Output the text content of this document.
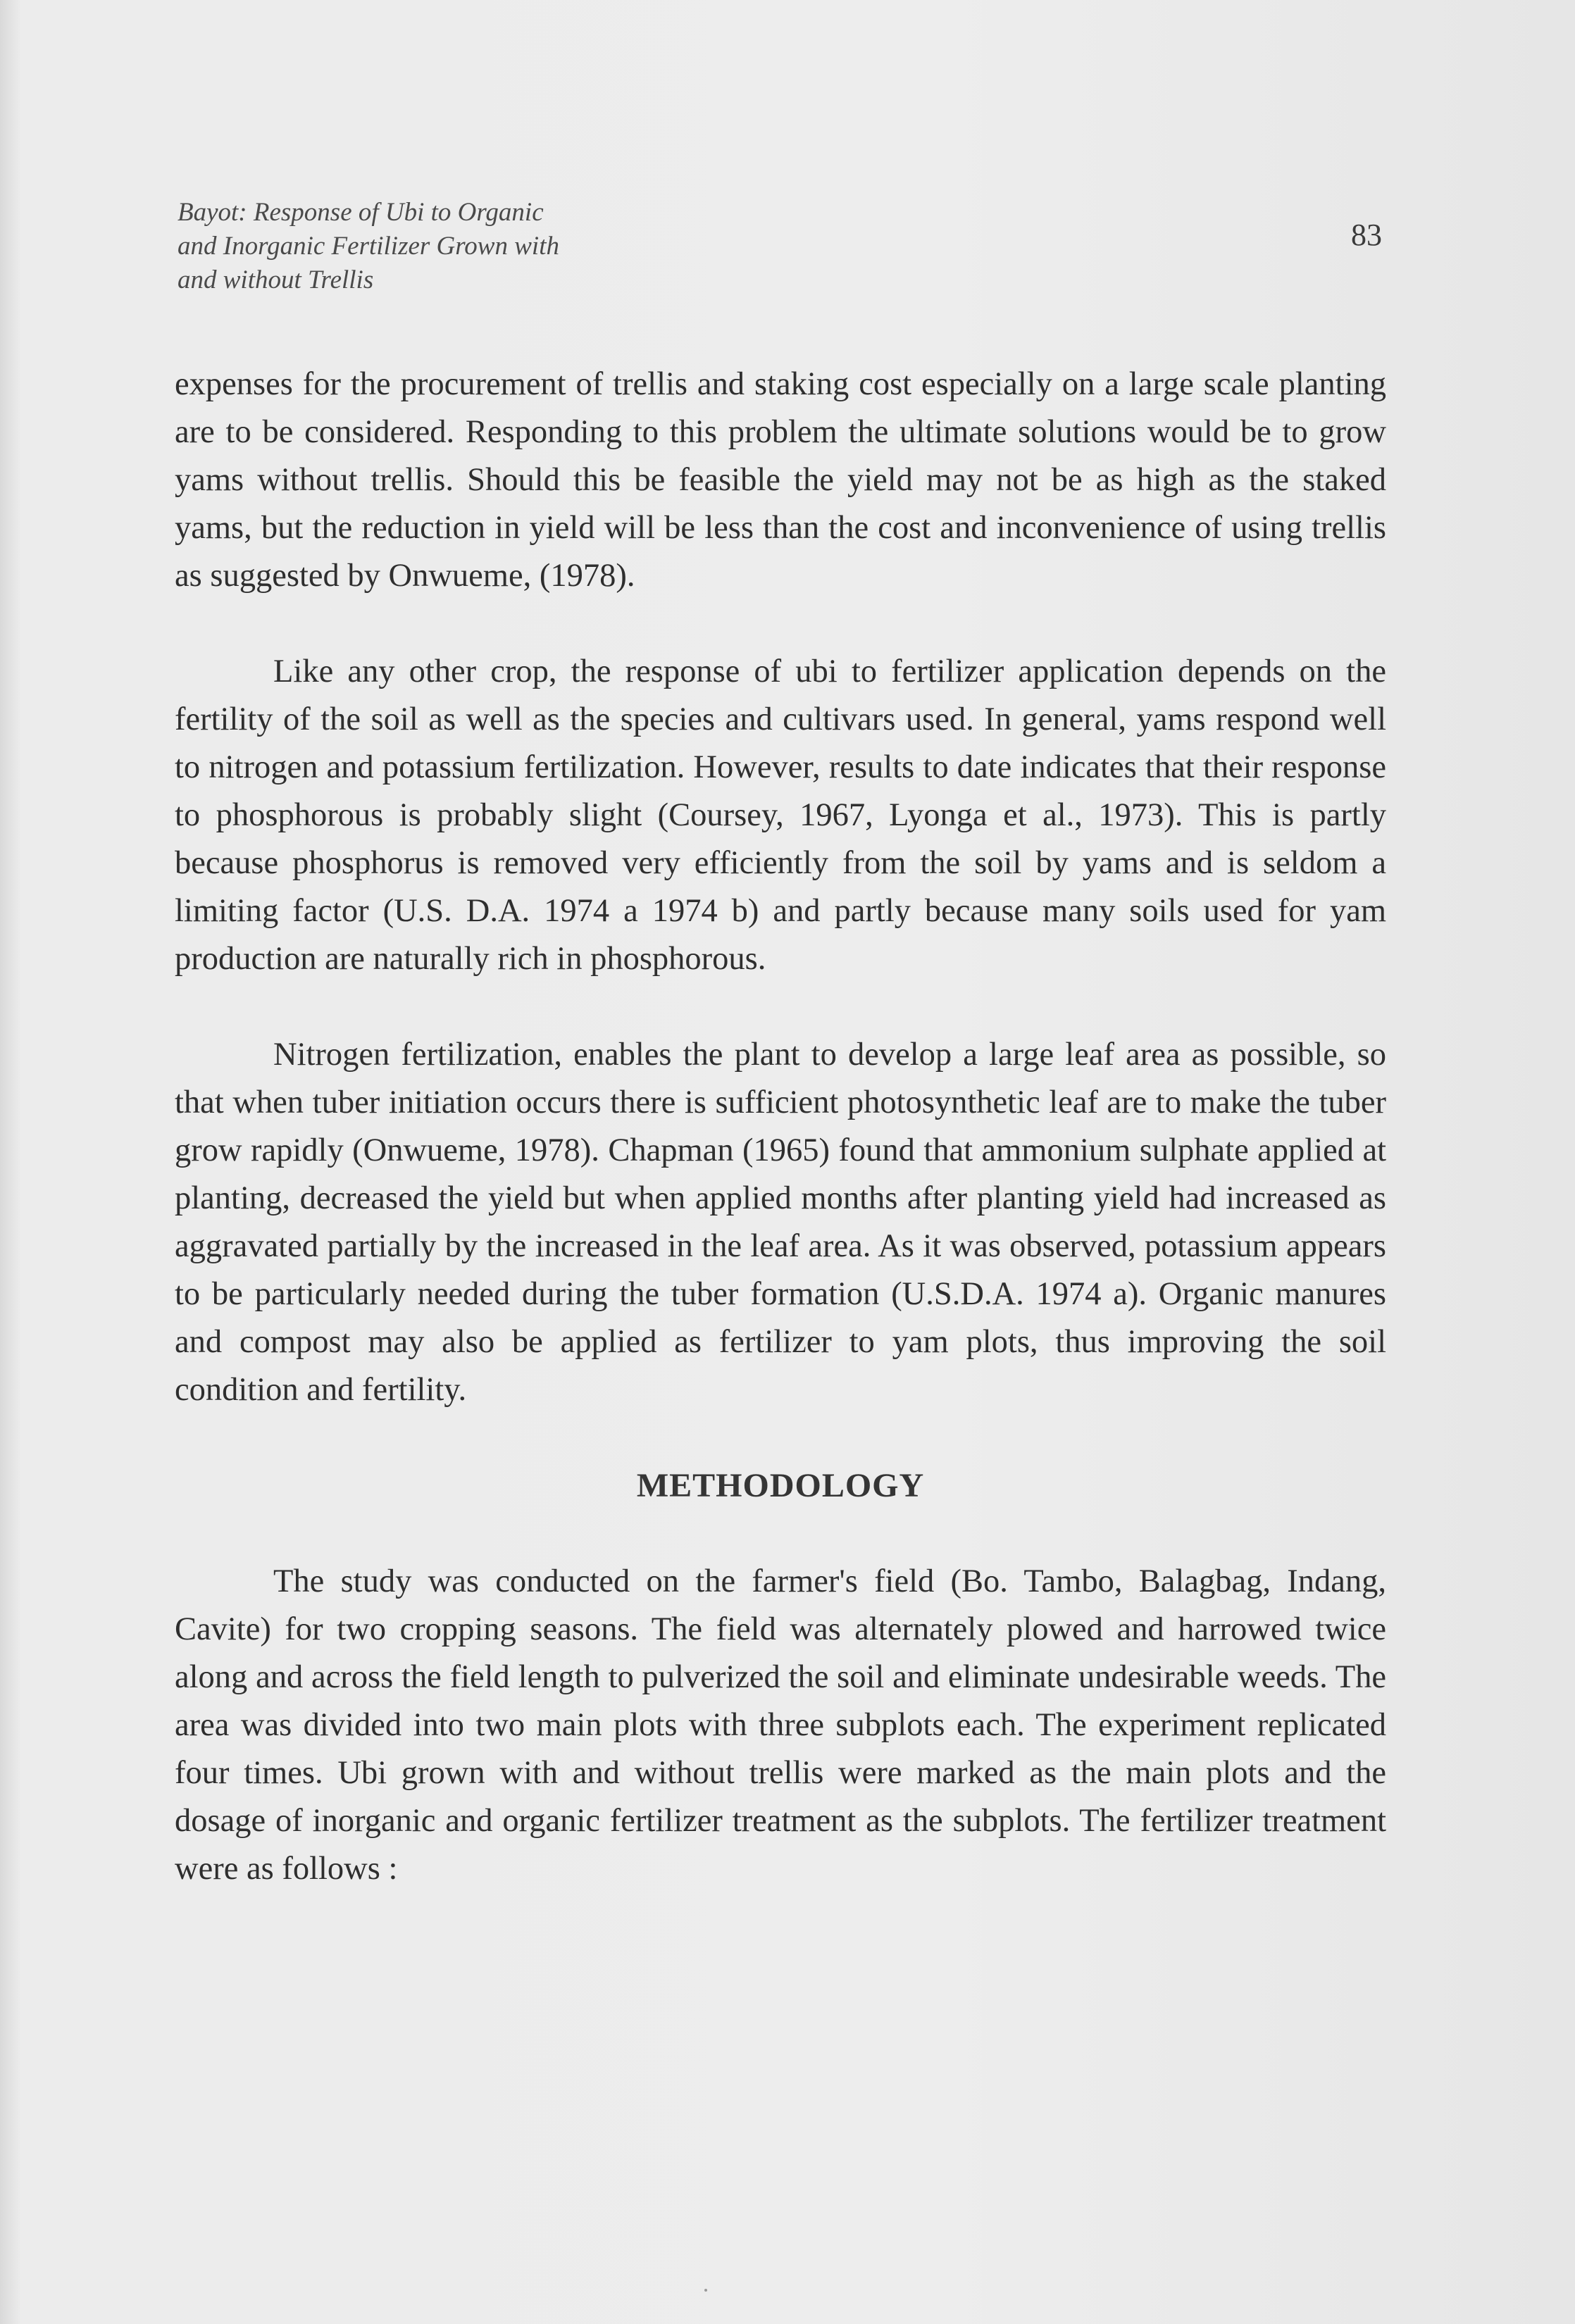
Bayot: Response of Ubi to Organic
and Inorganic Fertilizer Grown with
and without Trellis
83

expenses for the procurement of trellis and staking cost especially on a large scale planting are to be considered. Responding to this problem the ultimate solutions would be to grow yams without trellis. Should this be feasible the yield may not be as high as the staked yams, but the reduction in yield will be less than the cost and inconvenience of using trellis as suggested by Onwueme, (1978).

Like any other crop, the response of ubi to fertilizer application depends on the fertility of the soil as well as the species and cultivars used. In general, yams respond well to nitrogen and potassium fertilization. However, results to date indicates that their response to phosphorous is probably slight (Coursey, 1967, Lyonga et al., 1973). This is partly because phosphorus is removed very efficiently from the soil by yams and is seldom a limiting factor (U.S. D.A. 1974 a 1974 b) and partly because many soils used for yam production are naturally rich in phosphorous.

Nitrogen fertilization, enables the plant to develop a large leaf area as possible, so that when tuber initiation occurs there is sufficient photosynthetic leaf are to make the tuber grow rapidly (Onwueme, 1978). Chapman (1965) found that ammonium sulphate applied at planting, decreased the yield but when applied months after planting yield had increased as aggravated partially by the increased in the leaf area. As it was observed, potassium appears to be particularly needed during the tuber formation (U.S.D.A. 1974 a). Organic manures and compost may also be applied as fertilizer to yam plots, thus improving the soil condition and fertility.

METHODOLOGY

The study was conducted on the farmer's field (Bo. Tambo, Balagbag, Indang, Cavite) for two cropping seasons. The field was alternately plowed and harrowed twice along and across the field length to pulverized the soil and eliminate undesirable weeds. The area was divided into two main plots with three subplots each. The experiment replicated four times. Ubi grown with and without trellis were marked as the main plots and the dosage of inorganic and organic fertilizer treatment as the subplots. The fertilizer treatment were as follows :
